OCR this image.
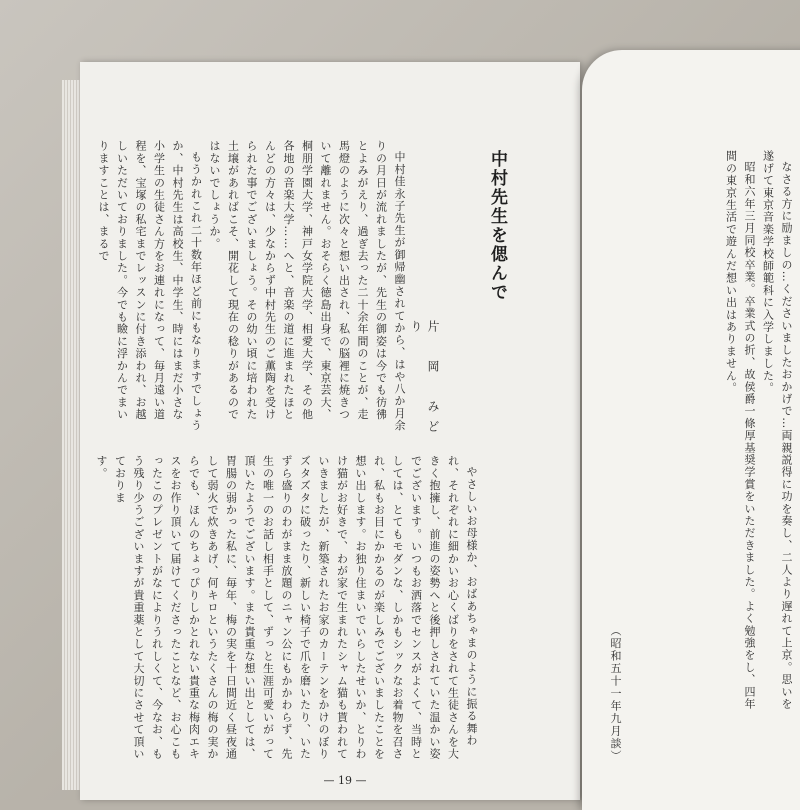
中村先生を偲んで
片　岡　みどり

中村佳永子先生が御帰幽されてから、はや八か月余りの月日が流れましたが、先生の御姿は今でも彷彿とよみがえり、過ぎ去った二十余年間のことが、走馬燈のように次々と想い出され、私の脳裡に焼きついて離れません。おそらく徳島出身で、東京芸大、桐朋学園大学、神戸女学院大学、相愛大学、その他各地の音楽大学……へと、音楽の道に進まれたほとんどの方々は、少なからず中村先生のご薫陶を受けられた事でございましょう。その幼い頃に培われた土壌があればこそ、開花して現在の稔りがあるのではないでしょうか。

もうかれこれ二十数年ほど前にもなりますでしょうか、中村先生は高校生、中学生、時にはまだ小さな小学生の生徒さん方をお連れになって、毎月遠い道程を、宝塚の私宅までレッスンに付き添われ、お越しいただいておりました。今でも瞼に浮かんでまいりますことは、まるで

やさしいお母様か、おばあちゃまのように振る舞われ、それぞれに細かいお心くばりをされて生徒さんを大きく抱擁し、前進の姿勢へと後押しされていた温かい姿でございます。いつもお洒落でセンスがよくて、当時としては、とてもモダンな、しかもシックなお着物を召され、私もお目にかかるのが楽しみでございましたことを想い出します。お独り住まいでいらしたせいか、とりわけ猫がお好きで、わが家で生まれたシャム猫も貰われていきましたが、新築されたお家のカーテンをかけのぼりズタズタに破ったり、新しい椅子で爪を磨いたり、いたずら盛りのわがまま放題のニャン公にもかかわらず、先生の唯一のお話し相手として、ずっと生涯可愛いがって頂いたようでございます。また貴重な想い出としては、胃腸の弱かった私に、毎年、梅の実を十日間近く昼夜通して弱火で炊きあげ、何キロというたくさんの梅の実からでも、ほんのちょっぴりしかとれない貴重な梅肉エキスをお作り頂いて届けてくださったことなど、お心こもったこのプレゼントがなによりうれしくて、今なお、もう残り少うございますが貴重薬として大切にさせて頂いておりま

す。
— 19 —

なさる方に励ましの…くださいましたおかげで…両親説得に功を奏し、二人より遅れて上京。思いを遂げて東京音楽学校師範科に入学しました。

昭和六年三月同校卒業。卒業式の折、故侯爵一條厚基奨学賞をいただきました。よく勉強をし、四年間の東京生活で遊んだ想い出はありません。

（昭和五十一年九月談）
